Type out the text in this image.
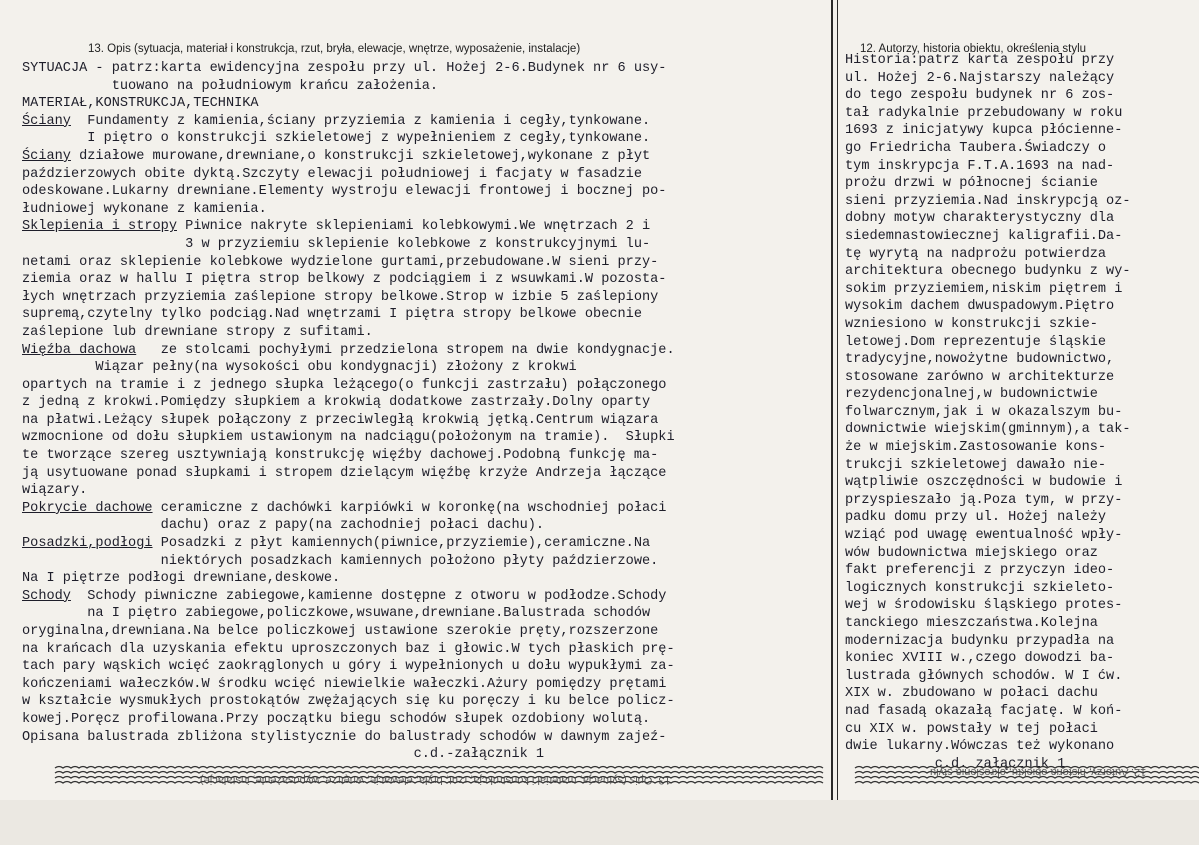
13. Opis (sytuacja, materiał i konstrukcja, rzut, bryła, elewacje, wnętrze, wyposażenie, instalacje)	12. Autorzy, historia obiektu, określenia stylu
SYTUACJA - patrz:karta ewidencyjna zespołu przy ul. Hożej 2-6.Budynek nr 6 usy-
tuowano na południowym krańcu założenia.
MATERIAŁ,KONSTRUKCJA,TECHNIKA
Ściany  Fundamenty z kamienia,ściany przyziemia z kamienia i cegły,tynkowane.
I piętro o konstrukcji szkieletowej z wypełnieniem z cegły,tynkowane.
Ściany działowe murowane,drewniane,o konstrukcji szkieletowej,wykonane z płyt
paździerzowych obite dyktą.Szczyty elewacji południowej i facjaty w fasadzie
odeskowane.Lukarny drewniane.Elementy wystroju elewacji frontowej i bocznej po-
łudniowej wykonane z kamienia.
Sklepienia i stropy Piwnice nakryte sklepieniami kolebkowymi.We wnętrzach 2 i
3 w przyziemiu sklepienie kolebkowe z konstrukcyjnymi lu-
netami oraz sklepienie kolebkowe wydzielone gurtami,przebudowane.W sieni przy-
ziemia oraz w hallu I piętra strop belkowy z podciągiem i z wsuwkami.W pozosta-
łych wnętrzach przyziemia zaślepione stropy belkowe.Strop w izbie 5 zaślepiony
supremą,czytelny tylko podciąg.Nad wnętrzami I piętra stropy belkowe obecnie
zaślepione lub drewniane stropy z sufitami.
Więźba dachowa   ze stolcami pochyłymi przedzielona stropem na dwie kondygnacje.
Wiązar pełny(na wysokości obu kondygnacji) złożony z krokwi
opartych na tramie i z jednego słupka leżącego(o funkcji zastrzału) połączonego
z jedną z krokwi.Pomiędzy słupkiem a krokwią dodatkowe zastrzały.Dolny oparty
na płatwi.Leżący słupek połączony z przeciwległą krokwią jętką.Centrum wiązara
wzmocnione od dołu słupkiem ustawionym na nadciągu(położonym na tramie).  Słupki
te tworzące szereg usztywniają konstrukcję więźby dachowej.Podobną funkcję ma-
ją usytuowane ponad słupkami i stropem dzielącym więźbę krzyże Andrzeja łączące
wiązary.
Pokrycie dachowe ceramiczne z dachówki karpiówki w koronkę(na wschodniej połaci
dachu) oraz z papy(na zachodniej połaci dachu).
Posadzki,podłogi Posadzki z płyt kamiennych(piwnice,przyziemie),ceramiczne.Na
niektórych posadzkach kamiennych położono płyty paździerzowe.
Na I piętrze podłogi drewniane,deskowe.
Schody  Schody piwniczne zabiegowe,kamienne dostępne z otworu w podłodze.Schody
na I piętro zabiegowe,policzkowe,wsuwane,drewniane.Balustrada schodów
oryginalna,drewniana.Na belce policzkowej ustawione szerokie pręty,rozszerzone
na krańcach dla uzyskania efektu uproszczonych baz i głowic.W tych płaskich prę-
tach pary wąskich wcięć zaokrąglonych u góry i wypełnionych u dołu wypukłymi za-
kończeniami wałeczków.W środku wcięć niewielkie wałeczki.Ażury pomiędzy prętami
w kształcie wysmukłych prostokątów zwężających się ku poręczy i ku belce policz-
kowej.Poręcz profilowana.Przy początku biegu schodów słupek ozdobiony wolutą.
Opisana balustrada zbliżona stylistycznie do balustrady schodów w dawnym zajeź-
c.d.-załącznik 1
Historia:patrz karta zespołu przy
ul. Hożej 2-6.Najstarszy należący
do tego zespołu budynek nr 6 zos-
tał radykalnie przebudowany w roku
1693 z inicjatywy kupca płócienne-
go Friedricha Taubera.Świadczy o
tym inskrypcja F.T.A.1693 na nad-
prożu drzwi w północnej ścianie
sieni przyziemia.Nad inskrypcją oz-
dobny motyw charakterystyczny dla
siedemnastowiecznej kaligrafii.Da-
tę wyrytą na nadprożu potwierdza
architektura obecnego budynku z wy-
sokim przyziemiem,niskim piętrem i
wysokim dachem dwuspadowym.Piętro
wzniesiono w konstrukcji szkie-
letowej.Dom reprezentuje śląskie
tradycyjne,nowożytne budownictwo,
stosowane zarówno w architekturze
rezydencjonalnej,w budownictwie
folwarcznym,jak i w okazalszym bu-
downictwie wiejskim(gminnym),a tak-
że w miejskim.Zastosowanie kons-
trukcji szkieletowej dawało nie-
wątpliwie oszczędności w budowie i
przyspieszało ją.Poza tym, w przy-
padku domu przy ul. Hożej należy
wziąć pod uwagę ewentualność wpły-
wów budownictwa miejskiego oraz
fakt preferencji z przyczyn ideo-
logicznych konstrukcji szkieleto-
wej w środowisku śląskiego protes-
tanckiego mieszczaństwa.Kolejna
modernizacja budynku przypadła na
koniec XVIII w.,czego dowodzi ba-
lustrada głównych schodów. W I ćw.
XIX w. zbudowano w połaci dachu
nad fasadą okazałą facjatę. W koń-
cu XIX w. powstały w tej połaci
dwie lukarny.Wówczas też wykonano
c.d. załącznik 1
13. Opis (sytuacja, materiał i konstrukcja, rzut, bryła, elewacje, wnętrze, wyposażenie, instalacje)
12. Autorzy, historia obiektu, określenia stylu
